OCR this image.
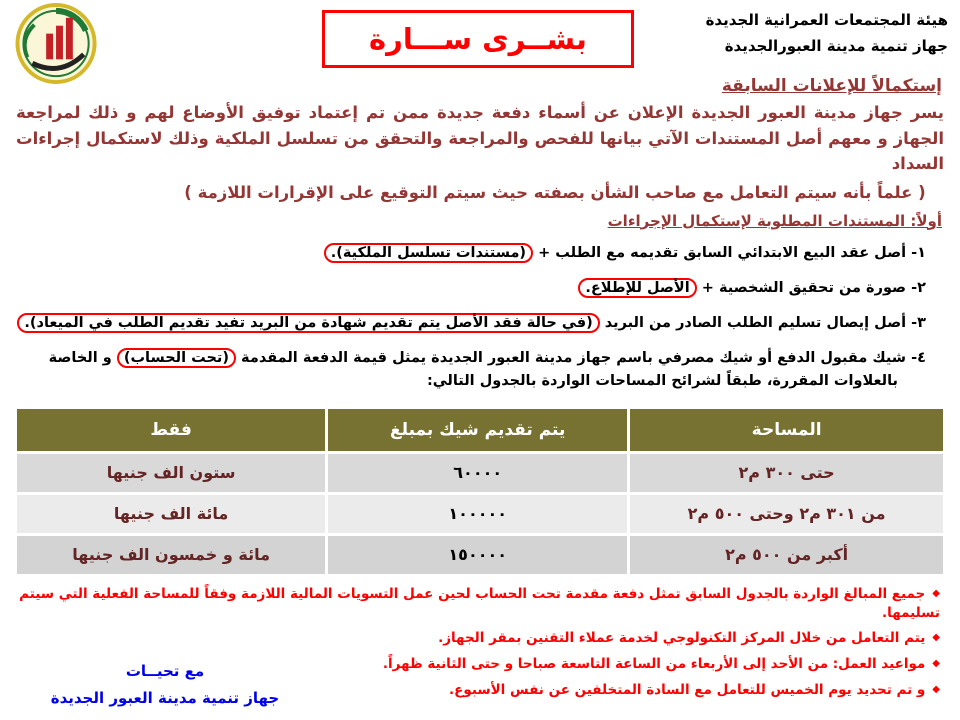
هيئة المجتمعات العمرانية الجديدة
جهاز تنمية مدينة العبورالجديدة
بشــرى ســـارة
إستكمالاً للإعلانات السابقة
يسر جهاز مدينة العبور الجديدة الإعلان عن أسماء دفعة جديدة ممن تم إعتماد توفيق الأوضاع لهم و ذلك لمراجعة الجهاز و معهم أصل المستندات الآتي بيانها للفحص والمراجعة والتحقق من تسلسل الملكية وذلك لاستكمال إجراءات السداد
( علماً بأنه سيتم التعامل مع صاحب الشأن بصفته حيث سيتم التوقيع على الإقرارات اللازمة )
أولاً: المستندات المطلوبة لإستكمال الإجراءات
١- أصل عقد البيع الابتدائي السابق تقديمه مع الطلب + (مستندات تسلسل الملكية).
٢- صورة من تحقيق الشخصية + الأصل للإطلاع.
٣- أصل إيصال تسليم الطلب الصادر من البريد (في حالة فقد الأصل يتم تقديم شهادة من البريد تفيد تقديم الطلب في الميعاد).
٤- شيك مقبول الدفع أو شيك مصرفي باسم جهاز مدينة العبور الجديدة يمثل قيمة الدفعة المقدمة (تحت الحساب) و الخاصة بالعلاوات المقررة، طبقاً لشرائح المساحات الواردة بالجدول التالي:
المساحة	يتم تقديم شيك بمبلغ	فقط
حتى ٣٠٠ م٢	٦٠٠٠٠	ستون الف جنيها
من ٣٠١ م٢ وحتى ٥٠٠ م٢	١٠٠٠٠٠	مائة الف جنيها
أكبر من ٥٠٠ م٢	١٥٠٠٠٠	مائة و خمسون الف جنيها
◆جميع المبالغ الواردة بالجدول السابق تمثل دفعة مقدمة تحت الحساب لحين عمل التسويات المالية اللازمة وفقاً للمساحة الفعلية التي سيتم تسليمها.
◆يتم التعامل من خلال المركز التكنولوجي لخدمة عملاء التقنين بمقر الجهاز.
◆مواعيد العمل: من الأحد إلى الأربعاء من الساعة التاسعة صباحا و حتى الثانية ظهراً.
◆و تم تحديد يوم الخميس للتعامل مع السادة المتخلفين عن نفس الأسبوع.
مع تحيــات
جهاز تنمية مدينة العبور الجديدة
